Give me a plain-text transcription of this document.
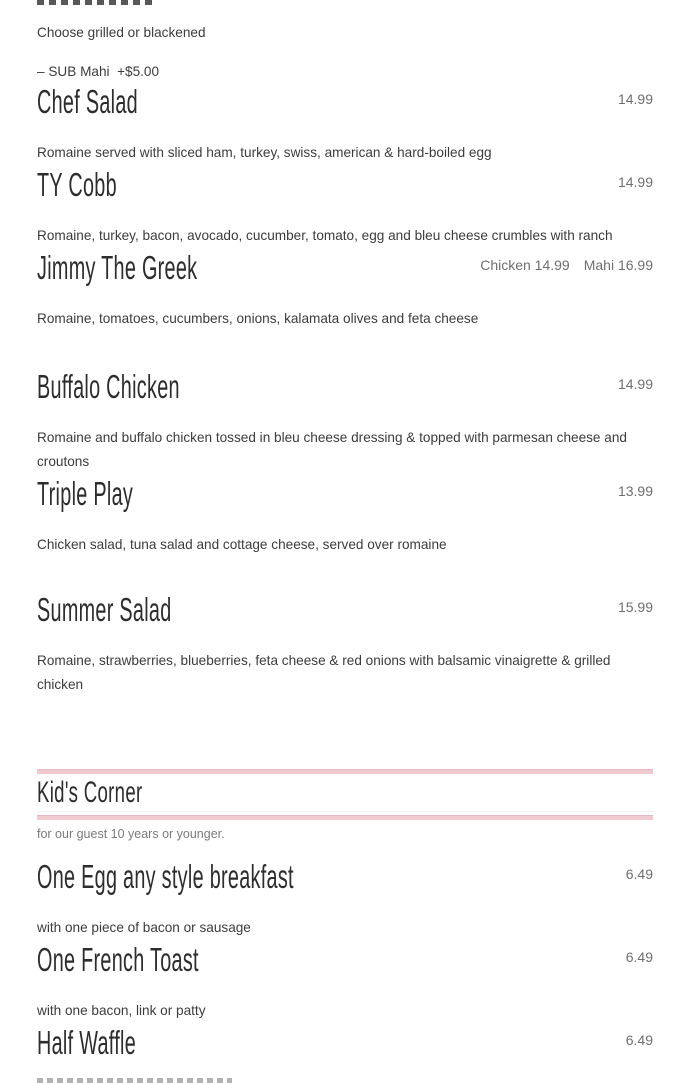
Choose grilled or blackened
– SUB Mahi  +$5.00
Chef Salad	14.99
Romaine served with sliced ham, turkey, swiss, american & hard-boiled egg
TY Cobb	14.99
Romaine, turkey, bacon, avocado, cucumber, tomato, egg and bleu cheese crumbles with ranch
Jimmy The Greek	Chicken 14.99 Mahi 16.99
Romaine, tomatoes, cucumbers, onions, kalamata olives and feta cheese
Buffalo Chicken	14.99
Romaine and buffalo chicken tossed in bleu cheese dressing & topped with parmesan cheese and croutons
Triple Play	13.99
Chicken salad, tuna salad and cottage cheese, served over romaine
Summer Salad	15.99
Romaine, strawberries, blueberries, feta cheese & red onions with balsamic vinaigrette & grilled chicken
Kid's Corner
for our guest 10 years or younger.
One Egg any style breakfast	6.49
with one piece of bacon or sausage
One French Toast	6.49
with one bacon, link or patty
Half Waffle	6.49
